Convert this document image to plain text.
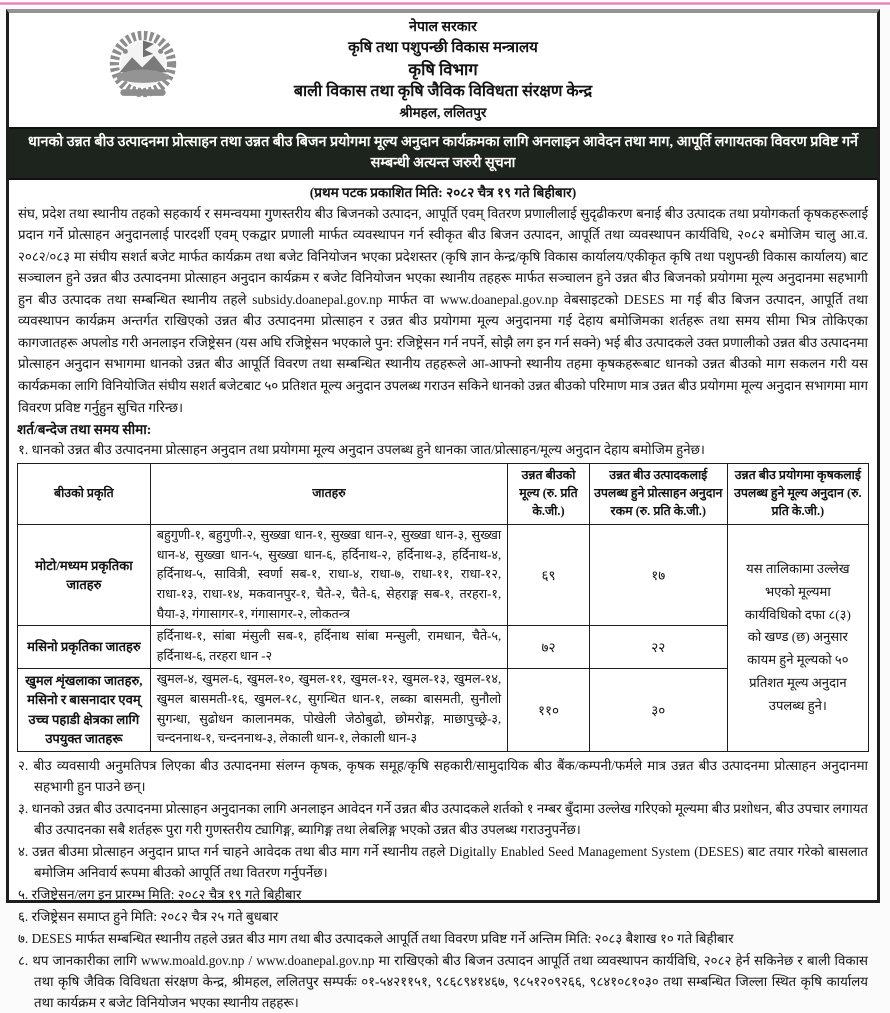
नेपाल सरकार
कृषि तथा पशुपन्छी विकास मन्त्रालय
कृषि विभाग
बाली विकास तथा कृषि जैविक विविधता संरक्षण केन्द्र
श्रीमहल, ललितपुर
धानको उन्नत बीउ उत्पादनमा प्रोत्साहन तथा उन्नत बीउ बिजन प्रयोगमा मूल्य अनुदान कार्यक्रमका लागि अनलाइन आवेदन तथा माग, आपूर्ति लगायतका विवरण प्रविष्ट गर्ने सम्बन्धी अत्यन्त जरुरी सूचना
(प्रथम पटक प्रकाशित मिति: २०८२ चैत्र १९ गते बिहीबार)
संघ, प्रदेश तथा स्थानीय तहको सहकार्य र समन्वयमा गुणस्तरीय बीउ बिजनको उत्पादन, आपूर्ति एवम् वितरण प्रणालीलाई सुदृढीकरण बनाई बीउ उत्पादक तथा प्रयोगकर्ता कृषकहरूलाई प्रदान गर्ने प्रोत्साहन अनुदानलाई पारदर्शी एवम् एकद्वार प्रणाली मार्फत व्यवस्थापन गर्न स्वीकृत बीउ बिजन उत्पादन, आपूर्ति तथा व्यवस्थापन कार्यविधि, २०८२ बमोजिम चालु आ.व. २०८२/०८३ मा संघीय सशर्त बजेट मार्फत कार्यक्रम तथा बजेट विनियोजन भएका प्रदेशस्तर (कृषि ज्ञान केन्द्र/कृषि विकास कार्यालय/एकीकृत कृषि तथा पशुपन्छी विकास कार्यालय) बाट सञ्चालन हुने उन्नत बीउ उत्पादनमा प्रोत्साहन अनुदान कार्यक्रम र बजेट विनियोजन भएका स्थानीय तहहरू मार्फत सञ्चालन हुने उन्नत बीउ बिजनको प्रयोगमा मूल्य अनुदानमा सहभागी हुन बीउ उत्पादक तथा सम्बन्धित स्थानीय तहले subsidy.doanepal.gov.np मार्फत वा www.doanepal.gov.np वेबसाइटको DESES मा गई बीउ बिजन उत्पादन, आपूर्ति तथा व्यवस्थापन कार्यक्रम अन्तर्गत राखिएको उन्नत बीउ उत्पादनमा प्रोत्साहन र उन्नत बीउ प्रयोगमा मूल्य अनुदानमा गई देहाय बमोजिमका शर्तहरू तथा समय सीमा भित्र तोकिएका कागजातहरू अपलोड गरी अनलाइन रजिष्ट्रेसन (यस अघि रजिष्ट्रेसन भएकाले पुन: रजिष्ट्रेसन गर्न नपर्ने, सोझै लग इन गर्न सक्ने) भई बीउ उत्पादकले उक्त प्रणालीको उन्नत बीउ उत्पादनमा प्रोत्साहन अनुदान सभागमा धानको उन्नत बीउ आपूर्ति विवरण तथा सम्बन्धित स्थानीय तहहरूले आ-आफ्नो स्थानीय तहमा कृषकहरूबाट धानको उन्नत बीउको माग सकलन गरी यस कार्यक्रमका लागि विनियोजित संघीय सशर्त बजेटबाट ५० प्रतिशत मूल्य अनुदान उपलब्ध गराउन सकिने धानको उन्नत बीउको परिमाण मात्र उन्नत बीउ प्रयोगमा मूल्य अनुदान सभागमा माग विवरण प्रविष्ट गर्नुहुन सुचित गरिन्छ।
शर्त/बन्देज तथा समय सीमा:
१. धानको उन्नत बीउ उत्पादनमा प्रोत्साहन अनुदान तथा प्रयोगमा मूल्य अनुदान उपलब्ध हुने धानका जात/प्रोत्साहन/मूल्य अनुदान देहाय बमोजिम हुनेछ।
बीउको प्रकृति	जातहरु	उन्नत बीउको मूल्य (रु. प्रति के.जी.)	उन्नत बीउ उत्पादकलाई उपलब्ध हुने प्रोत्साहन अनुदान रकम (रु. प्रति के.जी.)	उन्नत बीउ प्रयोगमा कृषकलाई उपलब्ध हुने मूल्य अनुदान (रु. प्रति के.जी.)
मोटो/मध्यम प्रकृतिका जातहरु	बहुगुणी-१, बहुगुणी-२, सुख्खा धान-१, सुख्खा धान-२, सुख्खा धान-३, सुख्खा धान-४, सुख्खा धान-५, सुख्खा धान-६, हर्दिनाथ-२, हर्दिनाथ-३, हर्दिनाथ-४, हर्दिनाथ-५, सावित्री, स्वर्णा सब-१, राधा-४, राधा-७, राधा-११, राधा-१२, राधा-१३, राधा-१४, मकवानपुर-१, चैते-२, चैते-६, सेहराङ्ग सब-१, तरहरा-१, घैया-३, गंगासागर-१, गंगासागर-२, लोकतन्त्र	६९	१७	यस तालिकामा उल्लेख भएको मूल्यमा कार्यविधिको दफा ८(३) को खण्ड (छ) अनुसार कायम हुने मूल्यको ५० प्रतिशत मूल्य अनुदान उपलब्ध हुने।
मसिनो प्रकृतिका जातहरु	हर्दिनाथ-१, सांबा मंसुली सब-१, हर्दिनाथ सांबा मन्सुली, रामधान, चैते-५, हर्दिनाथ-६, तरहरा धान -२	७२	२२	
खुमल शृंखलाका जातहरु, मसिनो र बासनादार एवम् उच्च पहाडी क्षेत्रका लागि उपयुक्त जातहरू	खुमल-४, खुमल-६, खुमल-१०, खुमल-११, खुमल-१२, खुमल-१३, खुमल-१४, खुमल बासमती-१६, खुमल-१८, सुगन्धित धान-१, लब्का बासमती, सुनौलो सुगन्धा, सुढोधन कालानमक, पोखेली जेठोबुढो, छोमरोङ्ग, माछापुच्छ्रे-३, चन्दननाथ-१, चन्दननाथ-३, लेकाली धान-१, लेकाली धान-३	११०	३०	
२. बीउ व्यवसायी अनुमतिपत्र लिएका बीउ उत्पादनमा संलग्न कृषक, कृषक समूह/कृषि सहकारी/सामुदायिक बीउ बैंक/कम्पनी/फर्मले मात्र उन्नत बीउ उत्पादनमा प्रोत्साहन अनुदानमा सहभागी हुन पाउने छन्।
३. धानको उन्नत बीउ उत्पादनमा प्रोत्साहन अनुदानका लागि अनलाइन आवेदन गर्ने उन्नत बीउ उत्पादकले शर्तको १ नम्बर बुँदामा उल्लेख गरिएको मूल्यमा बीउ प्रशोधन, बीउ उपचार लगायत बीउ उत्पादनका सबै शर्तहरू पुरा गरी गुणस्तरीय ट्यागिङ्ग, ब्यागिङ्ग तथा लेबलिङ्ग भएको उन्नत बीउ उपलब्ध गराउनुपर्नेछ।
४. उन्नत बीउमा प्रोत्साहन अनुदान प्राप्त गर्न चाहने आवेदक तथा बीउ माग गर्ने स्थानीय तहले Digitally Enabled Seed Management System (DESES) बाट तयार गरेको बासलात बमोजिम अनिवार्य रूपमा बीउको आपूर्ति तथा वितरण गर्नुपर्नेछ।
५. रजिष्ट्रेसन/लग इन प्रारम्भ मिति: २०८२ चैत्र १९ गते बिहीबार
६. रजिष्ट्रेसन समाप्त हुने मिति: २०८२ चैत्र २५ गते बुधबार
७. DESES मार्फत सम्बन्धित स्थानीय तहले उन्नत बीउ माग तथा बीउ उत्पादकले आपूर्ति तथा विवरण प्रविष्ट गर्ने अन्तिम मिति: २०८३ बैशाख १० गते बिहीबार
८. थप जानकारीका लागि www.moald.gov.np / www.doanepal.gov.np मा राखिएको बीउ बिजन उत्पादन आपूर्ति तथा व्यवस्थापन कार्यविधि, २०८२ हेर्न सकिनेछ र बाली विकास तथा कृषि जैविक विविधता संरक्षण केन्द्र, श्रीमहल, ललितपुर सम्पर्कः ०१-५४२११५१, ९८६८९४१४६७, ९८५१२०९२६६, ९८४१०८१०३० तथा सम्बन्धित जिल्ला स्थित कृषि कार्यालय तथा कार्यक्रम र बजेट विनियोजन भएका स्थानीय तहहरू।
